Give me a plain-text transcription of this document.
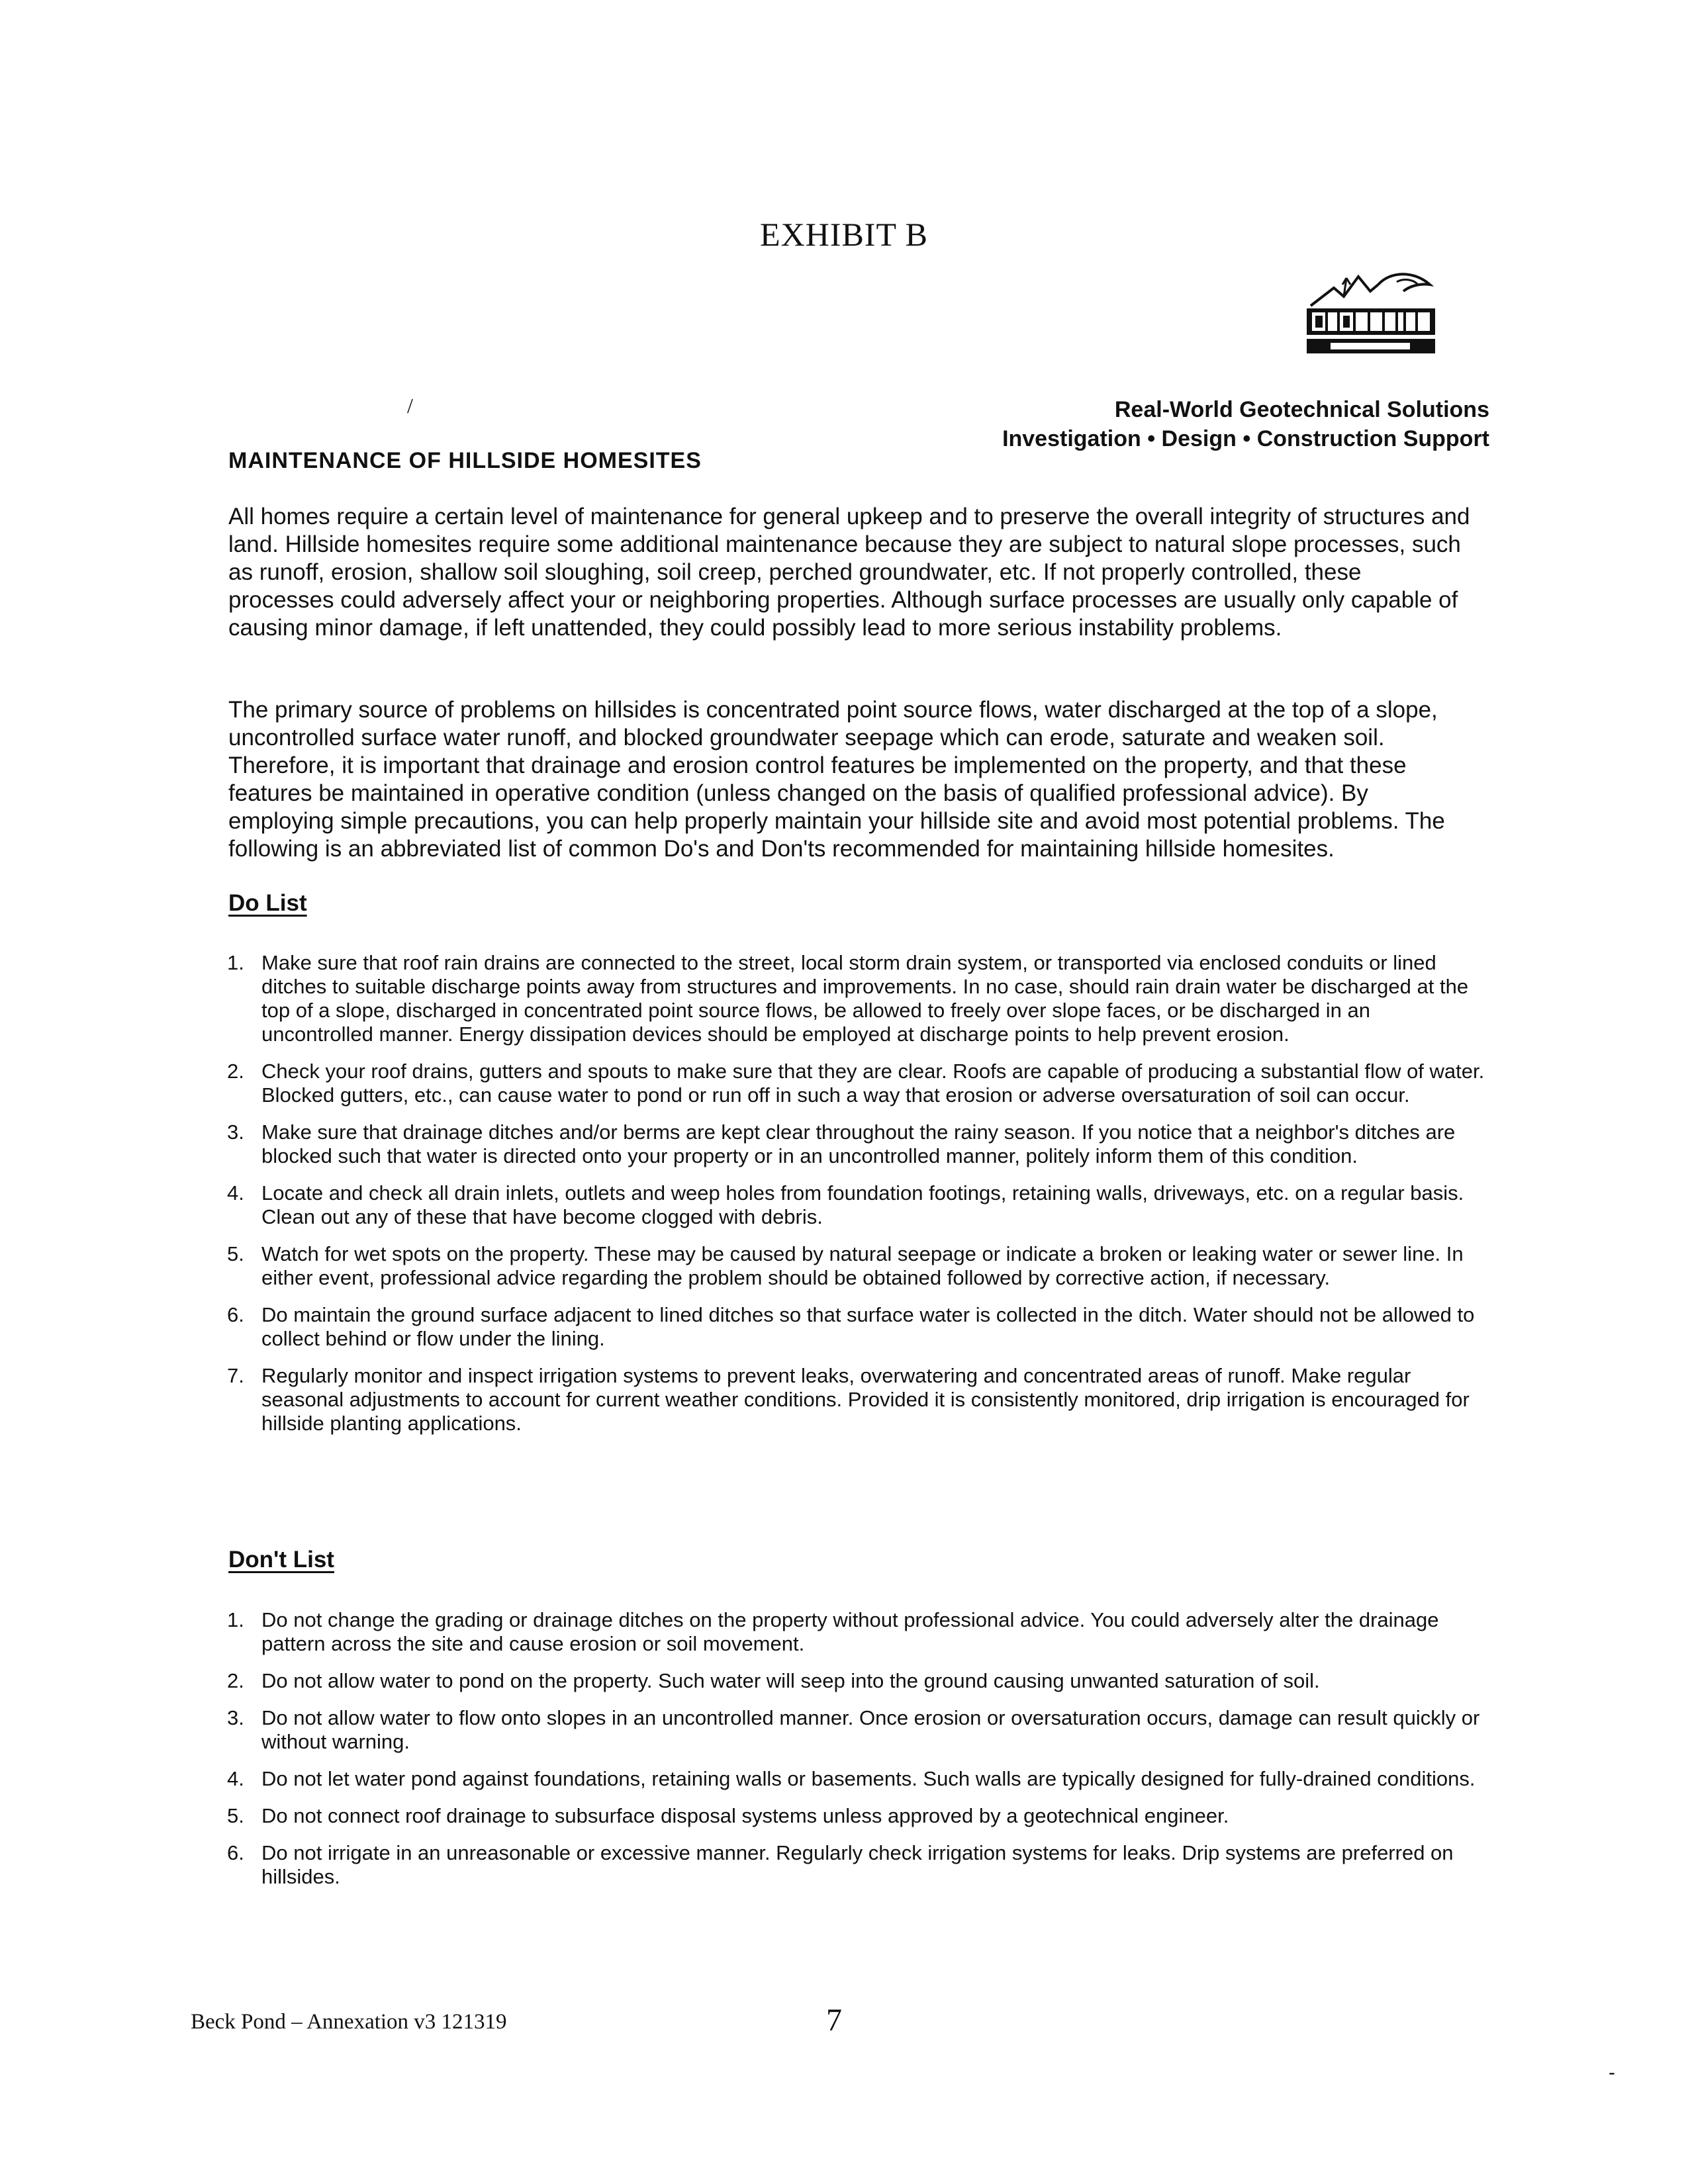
EXHIBIT B
/	Real-World Geotechnical Solutions
Investigation • Design • Construction Support
MAINTENANCE OF HILLSIDE HOMESITES
All homes require a certain level of maintenance for general upkeep and to preserve the overall integrity of structures and land. Hillside homesites require some additional maintenance because they are subject to natural slope processes, such as runoff, erosion, shallow soil sloughing, soil creep, perched groundwater, etc. If not properly controlled, these processes could adversely affect your or neighboring properties. Although surface processes are usually only capable of causing minor damage, if left unattended, they could possibly lead to more serious instability problems.
The primary source of problems on hillsides is concentrated point source flows, water discharged at the top of a slope, uncontrolled surface water runoff, and blocked groundwater seepage which can erode, saturate and weaken soil. Therefore, it is important that drainage and erosion control features be implemented on the property, and that these features be maintained in operative condition (unless changed on the basis of qualified professional advice). By employing simple precautions, you can help properly maintain your hillside site and avoid most potential problems. The following is an abbreviated list of common Do's and Don'ts recommended for maintaining hillside homesites.
Do List
1. Make sure that roof rain drains are connected to the street, local storm drain system, or transported via enclosed conduits or lined ditches to suitable discharge points away from structures and improvements. In no case, should rain drain water be discharged at the top of a slope, discharged in concentrated point source flows, be allowed to freely over slope faces, or be discharged in an uncontrolled manner. Energy dissipation devices should be employed at discharge points to help prevent erosion.
2. Check your roof drains, gutters and spouts to make sure that they are clear. Roofs are capable of producing a substantial flow of water. Blocked gutters, etc., can cause water to pond or run off in such a way that erosion or adverse oversaturation of soil can occur.
3. Make sure that drainage ditches and/or berms are kept clear throughout the rainy season. If you notice that a neighbor's ditches are blocked such that water is directed onto your property or in an uncontrolled manner, politely inform them of this condition.
4. Locate and check all drain inlets, outlets and weep holes from foundation footings, retaining walls, driveways, etc. on a regular basis. Clean out any of these that have become clogged with debris.
5. Watch for wet spots on the property. These may be caused by natural seepage or indicate a broken or leaking water or sewer line. In either event, professional advice regarding the problem should be obtained followed by corrective action, if necessary.
6. Do maintain the ground surface adjacent to lined ditches so that surface water is collected in the ditch. Water should not be allowed to collect behind or flow under the lining.
7. Regularly monitor and inspect irrigation systems to prevent leaks, overwatering and concentrated areas of runoff. Make regular seasonal adjustments to account for current weather conditions. Provided it is consistently monitored, drip irrigation is encouraged for hillside planting applications.
Don't List
1. Do not change the grading or drainage ditches on the property without professional advice. You could adversely alter the drainage pattern across the site and cause erosion or soil movement.
2. Do not allow water to pond on the property. Such water will seep into the ground causing unwanted saturation of soil.
3. Do not allow water to flow onto slopes in an uncontrolled manner. Once erosion or oversaturation occurs, damage can result quickly or without warning.
4. Do not let water pond against foundations, retaining walls or basements. Such walls are typically designed for fully-drained conditions.
5. Do not connect roof drainage to subsurface disposal systems unless approved by a geotechnical engineer.
6. Do not irrigate in an unreasonable or excessive manner. Regularly check irrigation systems for leaks. Drip systems are preferred on hillsides.
Beck Pond – Annexation v3 121319	7
-
